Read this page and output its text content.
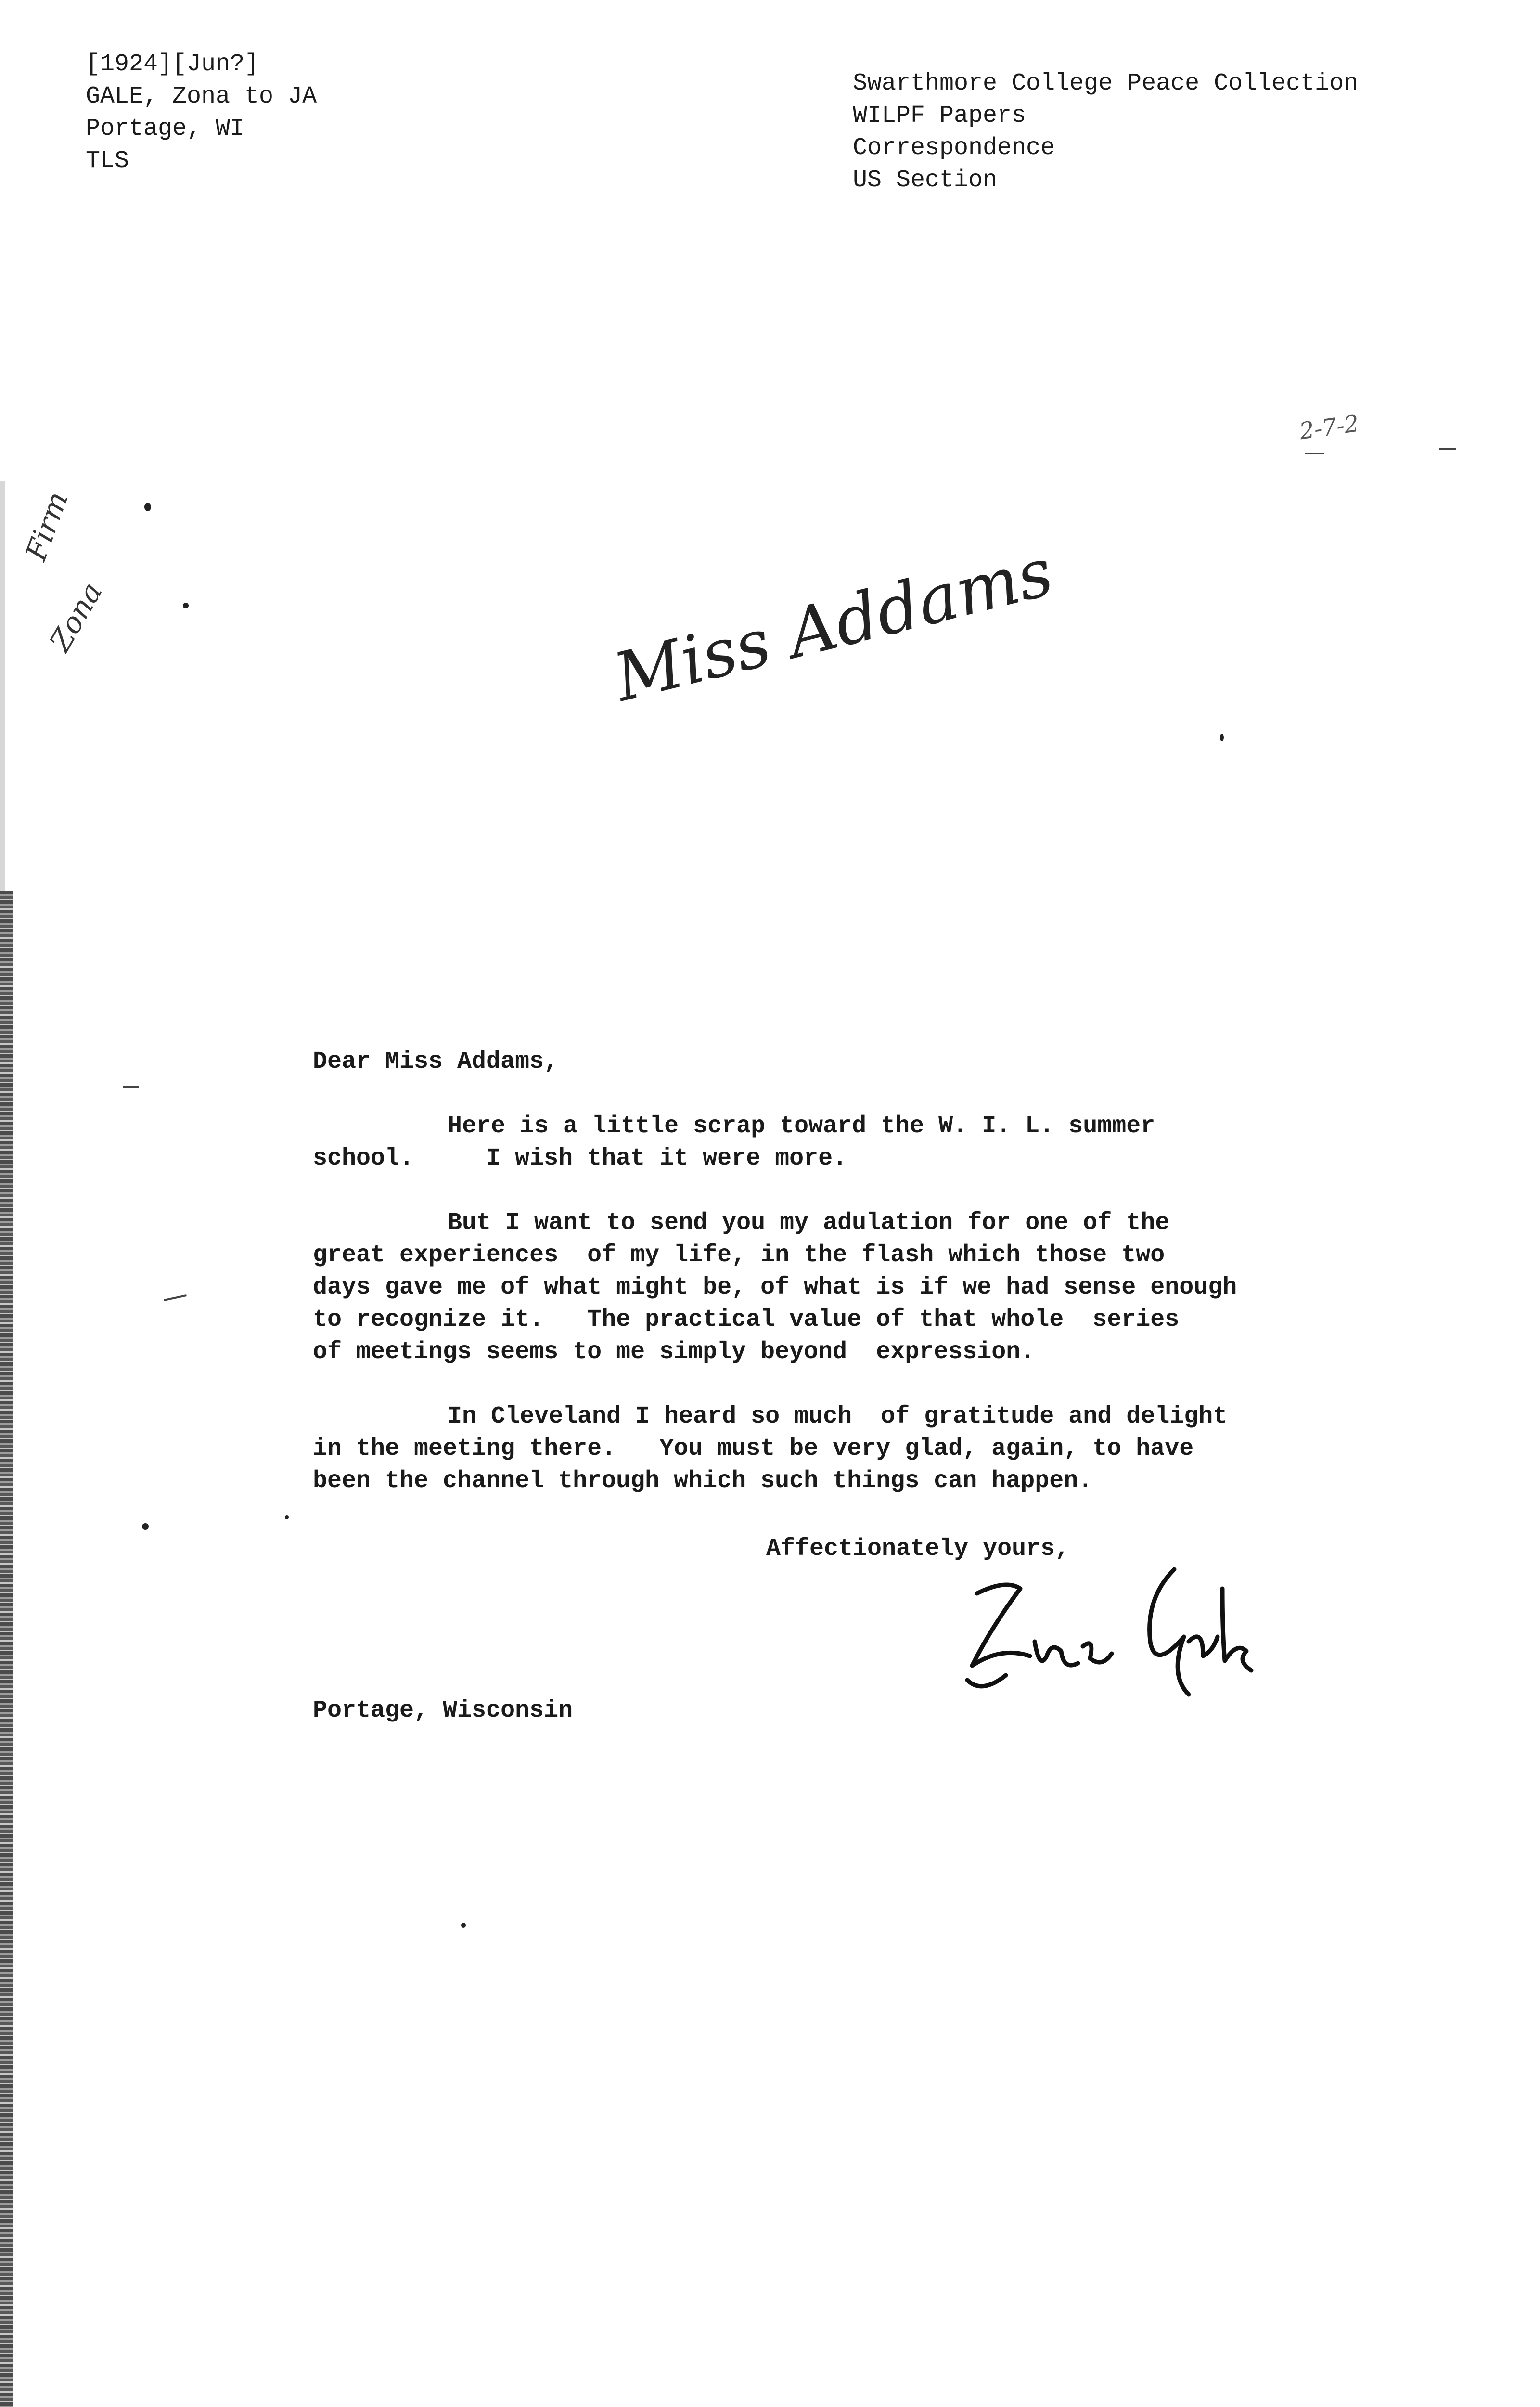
[1924][Jun?]
GALE, Zona to JA
Portage, WI
TLS
Swarthmore College Peace Collection
WILPF Papers
Correspondence
US Section
2-7-2
Firm
Zona	Miss Addams

Dear Miss Addams,

Here is a little scrap toward the W. I. L. summer

school.     I wish that it were more.

But I want to send you my adulation for one of the

great experiences  of my life, in the flash which those two

days gave me of what might be, of what is if we had sense enough

to recognize it.   The practical value of that whole  series

of meetings seems to me simply beyond  expression.

In Cleveland I heard so much  of gratitude and delight

in the meeting there.   You must be very glad, again, to have

been the channel through which such things can happen.

Affectionately yours,
Portage, Wisconsin
